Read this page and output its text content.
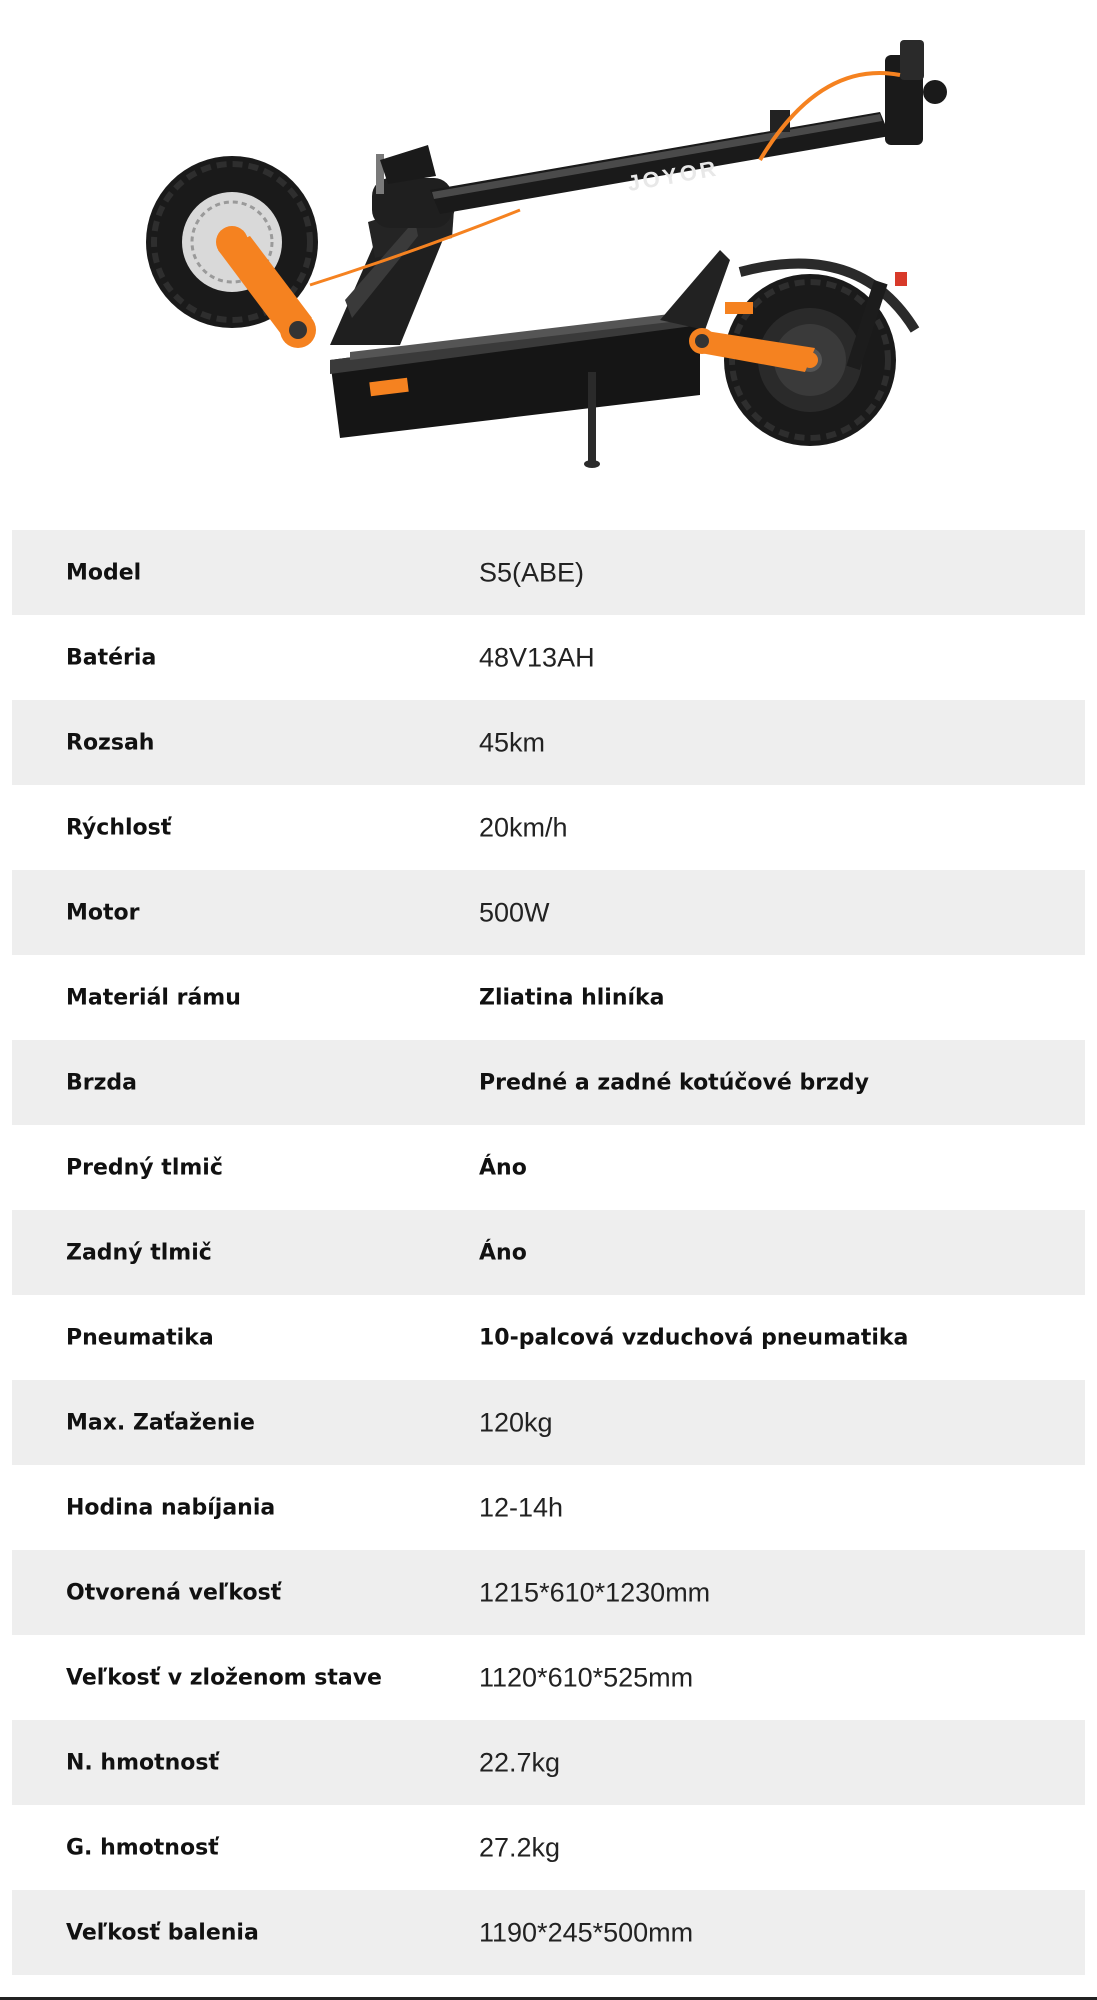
JOYOR
Model	S5(ABE)
Batéria	48V13AH
Rozsah	45km
Rýchlosť	20km/h
Motor	500W
Materiál rámu	Zliatina hliníka
Brzda	Predné a zadné kotúčové brzdy
Predný tlmič	Áno
Zadný tlmič	Áno
Pneumatika	10-palcová vzduchová pneumatika
Max. Zaťaženie	120kg
Hodina nabíjania	12-14h
Otvorená veľkosť	1215*610*1230mm
Veľkosť v zloženom stave	1120*610*525mm
N. hmotnosť	22.7kg
G. hmotnosť	27.2kg
Veľkosť balenia	1190*245*500mm
